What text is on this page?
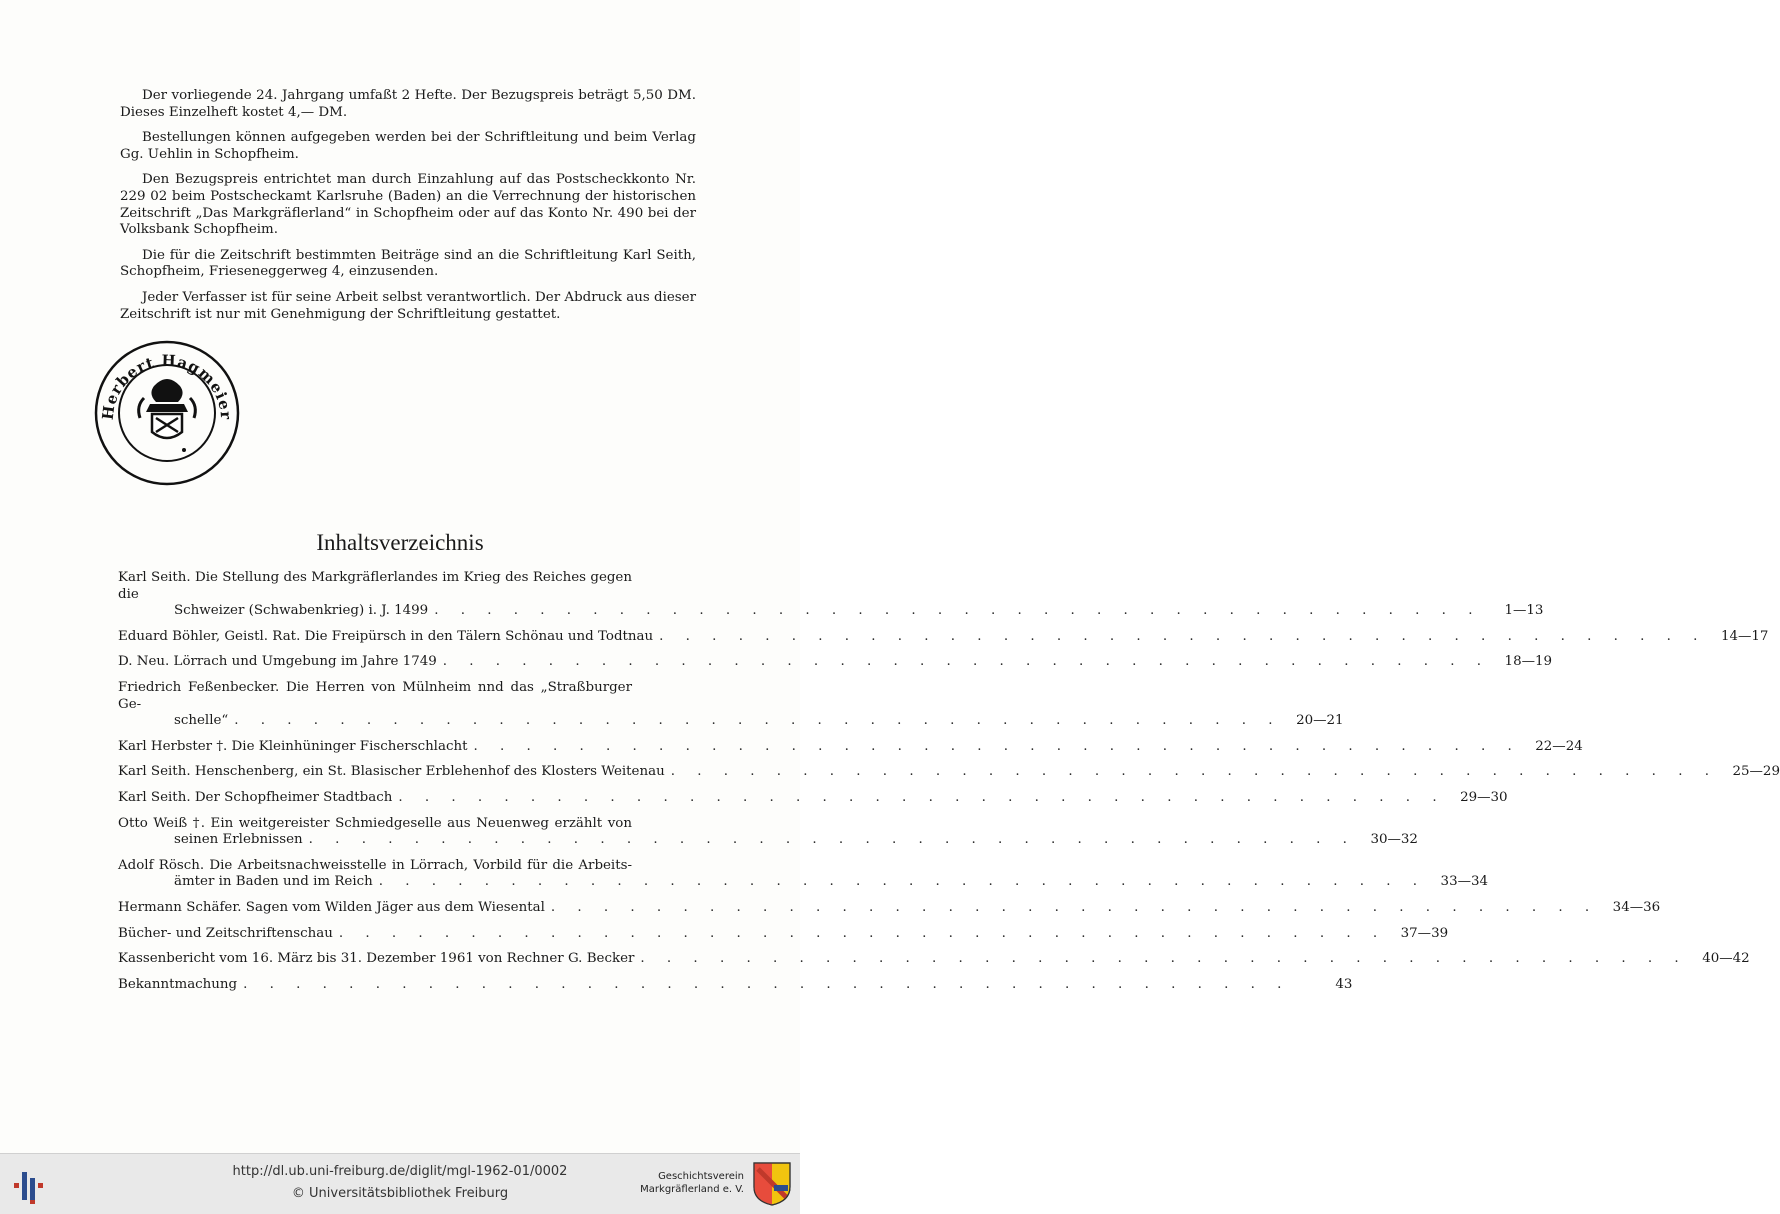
Der vorliegende 24. Jahrgang umfaßt 2 Hefte. Der Bezugspreis beträgt 5,50 DM. Dieses Einzelheft kostet 4,— DM.

Bestellungen können aufgegeben werden bei der Schriftleitung und beim Verlag Gg. Uehlin in Schopfheim.

Den Bezugspreis entrichtet man durch Einzahlung auf das Postscheckkonto Nr. 229 02 beim Postscheckamt Karlsruhe (Baden) an die Verrechnung der historischen Zeitschrift „Das Markgräflerland“ in Schopfheim oder auf das Konto Nr. 490 bei der Volksbank Schopfheim.

Die für die Zeitschrift bestimmten Beiträge sind an die Schriftleitung Karl Seith, Schopfheim, Frieseneggerweg 4, einzusenden.

Jeder Verfasser ist für seine Arbeit selbst verantwortlich. Der Abdruck aus dieser Zeitschrift ist nur mit Genehmigung der Schriftleitung gestattet.

Herbert Hagmeier
Inhaltsverzeichnis
Karl Seith. Die Stellung des Markgräflerlandes im Krieg des Reiches gegen die
Schweizer (Schwabenkrieg) i. J. 1499 . . . . . . . . . . . . . . . . . . . . . . . . . . . . . . . . . . . . . . . .	1—13
Eduard Böhler, Geistl. Rat. Die Freipürsch in den Tälern Schönau und Todtnau . . . . . . . . . . . . . . . . . . . . . . . . . . . . . . . . . . . . . . . .	14—17
D. Neu. Lörrach und Umgebung im Jahre 1749 . . . . . . . . . . . . . . . . . . . . . . . . . . . . . . . . . . . . . . . .	18—19
Friedrich Feßenbecker. Die Herren von Mülnheim nnd das „Straßburger Ge-
schelle“ . . . . . . . . . . . . . . . . . . . . . . . . . . . . . . . . . . . . . . . .	20—21
Karl Herbster †. Die Kleinhüninger Fischerschlacht . . . . . . . . . . . . . . . . . . . . . . . . . . . . . . . . . . . . . . . .	22—24
Karl Seith. Henschenberg, ein St. Blasischer Erblehenhof des Klosters Weitenau . . . . . . . . . . . . . . . . . . . . . . . . . . . . . . . . . . . . . . . .	25—29
Karl Seith. Der Schopfheimer Stadtbach . . . . . . . . . . . . . . . . . . . . . . . . . . . . . . . . . . . . . . . .	29—30
Otto Weiß †. Ein weitgereister Schmiedgeselle aus Neuenweg erzählt von
seinen Erlebnissen . . . . . . . . . . . . . . . . . . . . . . . . . . . . . . . . . . . . . . . .	30—32
Adolf Rösch. Die Arbeitsnachweisstelle in Lörrach, Vorbild für die Arbeits-
ämter in Baden und im Reich . . . . . . . . . . . . . . . . . . . . . . . . . . . . . . . . . . . . . . . .	33—34
Hermann Schäfer. Sagen vom Wilden Jäger aus dem Wiesental . . . . . . . . . . . . . . . . . . . . . . . . . . . . . . . . . . . . . . . .	34—36
Bücher- und Zeitschriftenschau . . . . . . . . . . . . . . . . . . . . . . . . . . . . . . . . . . . . . . . .	37—39
Kassenbericht vom 16. März bis 31. Dezember 1961 von Rechner G. Becker . . . . . . . . . . . . . . . . . . . . . . . . . . . . . . . . . . . . . . . .	40—42
Bekanntmachung . . . . . . . . . . . . . . . . . . . . . . . . . . . . . . . . . . . . . . . .	43
http://dl.ub.uni-freiburg.de/diglit/mgl-1962-01/0002
© Universitätsbibliothek Freiburg
Geschichtsverein
Markgräflerland e. V.
